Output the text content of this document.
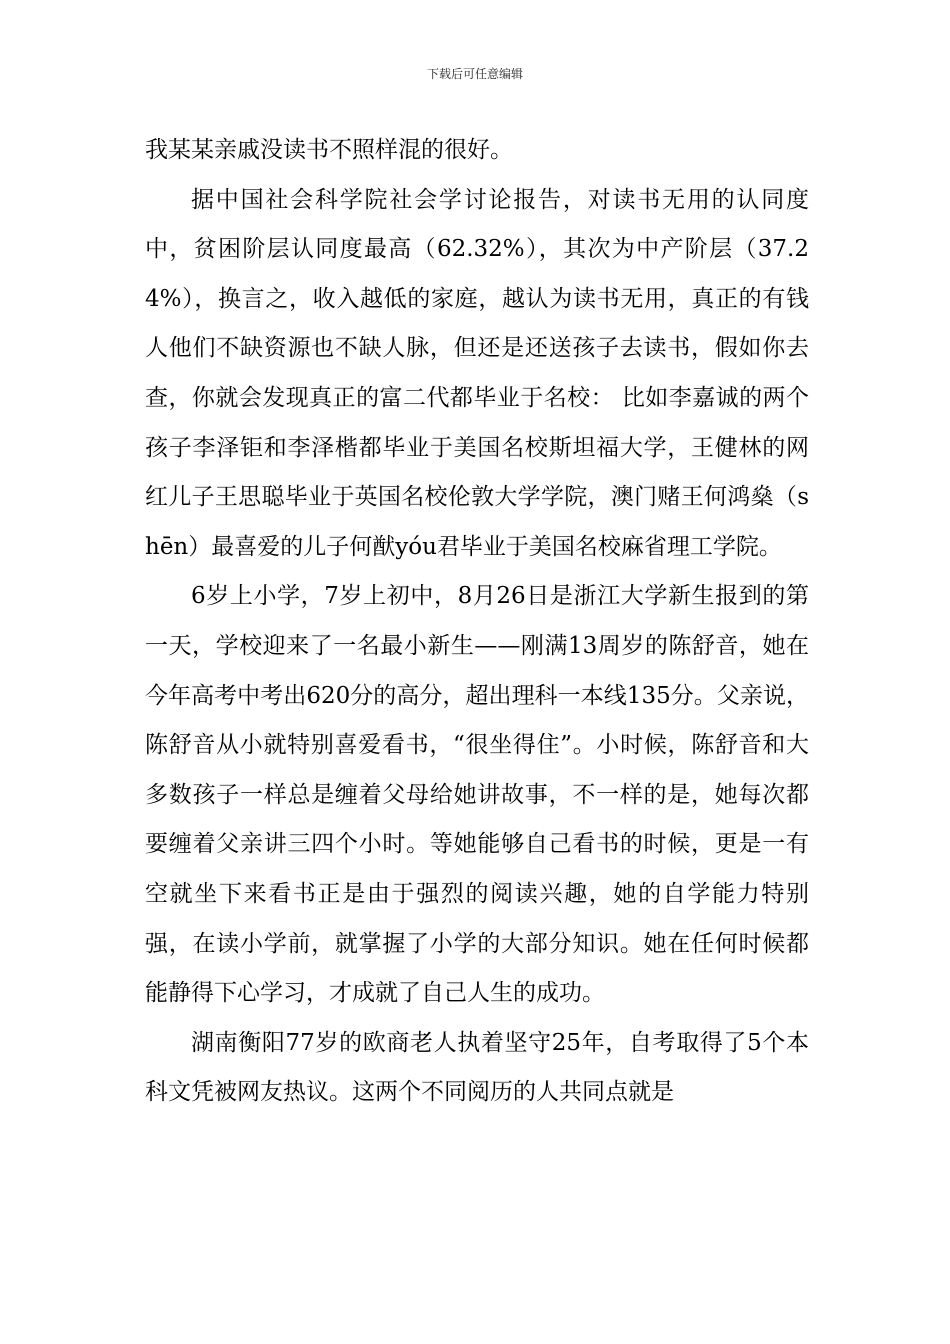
下载后可任意编辑

我某某亲戚没读书不照样混的很好。

据中国社会科学院社会学讨论报告，对读书无用的认同度中，贫困阶层认同度最高（62.32%），其次为中产阶层（37.24%），换言之，收入越低的家庭，越认为读书无用，真正的有钱人他们不缺资源也不缺人脉，但还是还送孩子去读书，假如你去查，你就会发现真正的富二代都毕业于名校： 比如李嘉诚的两个孩子李泽钜和李泽楷都毕业于美国名校斯坦福大学，王健林的网红儿子王思聪毕业于英国名校伦敦大学学院，澳门赌王何鸿燊（shēn）最喜爱的儿子何猷yóu君毕业于美国名校麻省理工学院。

6岁上小学，7岁上初中，8月26日是浙江大学新生报到的第一天，学校迎来了一名最小新生——刚满13周岁的陈舒音，她在今年高考中考出620分的高分，超出理科一本线135分。父亲说，陈舒音从小就特别喜爱看书，“很坐得住”。小时候，陈舒音和大多数孩子一样总是缠着父母给她讲故事，不一样的是，她每次都要缠着父亲讲三四个小时。等她能够自己看书的时候，更是一有空就坐下来看书正是由于强烈的阅读兴趣，她的自学能力特别强，在读小学前，就掌握了小学的大部分知识。她在任何时候都能静得下心学习，才成就了自己人生的成功。

湖南衡阳77岁的欧商老人执着坚守25年，自考取得了5个本科文凭被网友热议。这两个不同阅历的人共同点就是
